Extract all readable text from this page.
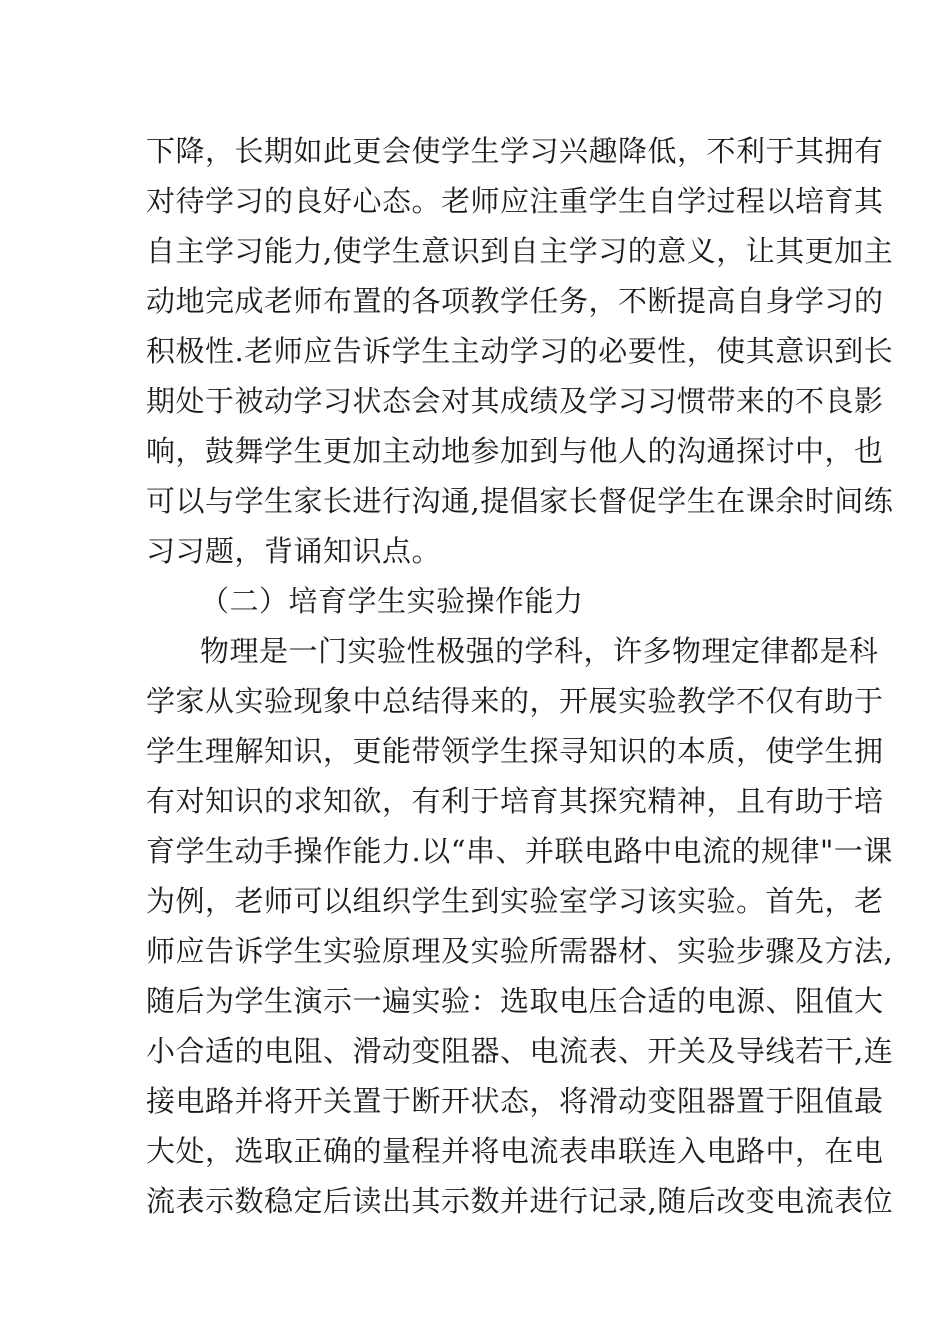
下降，长期如此更会使学生学习兴趣降低，不利于其拥有
对待学习的良好心态。老师应注重学生自学过程以培育其
自主学习能力,使学生意识到自主学习的意义，让其更加主
动地完成老师布置的各项教学任务，不断提高自身学习的
积极性.老师应告诉学生主动学习的必要性，使其意识到长
期处于被动学习状态会对其成绩及学习习惯带来的不良影
响，鼓舞学生更加主动地参加到与他人的沟通探讨中，也
可以与学生家长进行沟通,提倡家长督促学生在课余时间练
习习题，背诵知识点。
（二）培育学生实验操作能力
物理是一门实验性极强的学科，许多物理定律都是科
学家从实验现象中总结得来的，开展实验教学不仅有助于
学生理解知识，更能带领学生探寻知识的本质，使学生拥
有对知识的求知欲，有利于培育其探究精神，且有助于培
育学生动手操作能力.以“串、并联电路中电流的规律"一课
为例，老师可以组织学生到实验室学习该实验。首先，老
师应告诉学生实验原理及实验所需器材、实验步骤及方法,
随后为学生演示一遍实验：选取电压合适的电源、阻值大
小合适的电阻、滑动变阻器、电流表、开关及导线若干,连
接电路并将开关置于断开状态，将滑动变阻器置于阻值最
大处，选取正确的量程并将电流表串联连入电路中，在电
流表示数稳定后读出其示数并进行记录,随后改变电流表位
